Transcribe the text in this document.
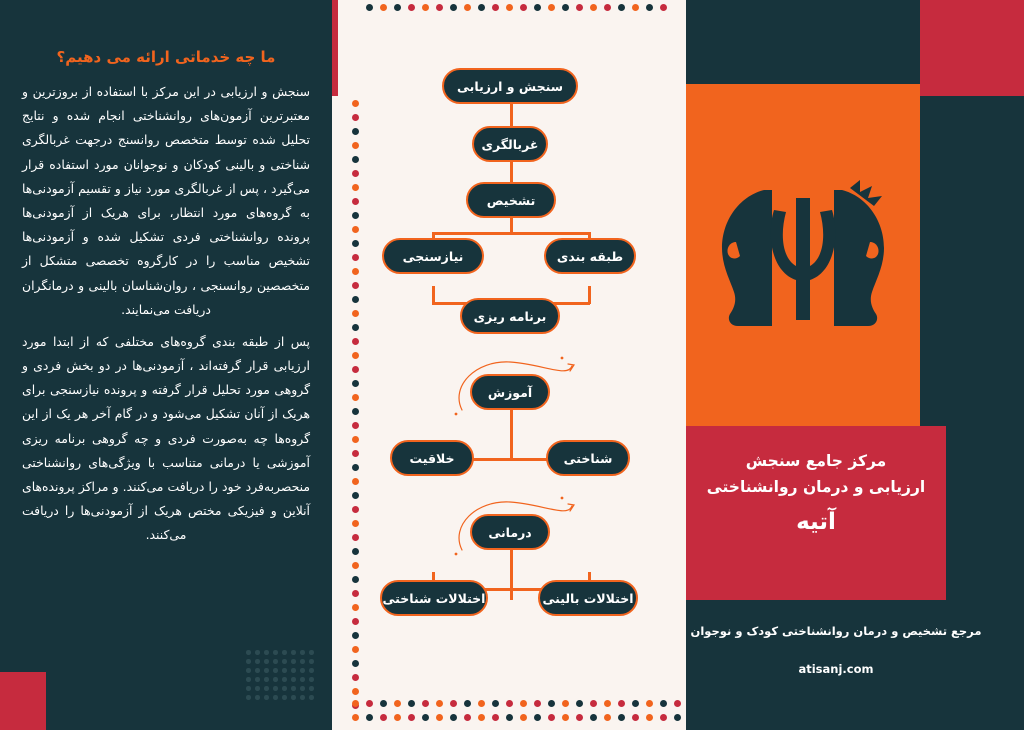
ما چه خدماتی ارائه می دهیم؟

سنجش و ارزیابی در این مرکز با استفاده از بروزترین و معتبرترین آزمون‌های روانشناختی انجام شده و نتایج تحلیل شده توسط متخصص روانسنج درجهت غربالگری شناختی و بالینی کودکان و نوجوانان مورد استفاده قرار می‌گیرد ، پس از غربالگری مورد نیاز و تقسیم آزمودنی‌ها به گروه‌های مورد انتظار، برای هریک از آزمودنی‌ها پرونده روانشناختی فردی تشکیل شده و آزمودنی‌ها تشخیص مناسب را در کارگروه تخصصی متشکل از متخصصین روانسنجی ، روان‌شناسان بالینی و درمانگران دریافت می‌نمایند.

پس از طبقه بندی گروه‌های مختلفی که از ابتدا مورد ارزیابی قرار گرفته‌اند ، آزمودنی‌ها در دو بخش فردی و گروهی مورد تحلیل قرار گرفته و پرونده نیازسنجی برای هریک از آنان تشکیل می‌شود و در گام آخر هر یک از این گروه‌ها چه به‌صورت فردی و چه گروهی برنامه ریزی آموزشی یا درمانی متناسب با ویژگی‌های روانشناختی منحصربه‌فرد خود را دریافت می‌کنند. و مراکز پرونده‌های آنلاین و فیزیکی مختص هر‌یک از آزمودنی‌ها را دریافت می‌کنند.

سنجش و ارزیابی
غربالگری
تشخیص
طبقه بندی
نیازسنجی
برنامه ریزی
آموزش
شناختی
خلاقیت
درمانی
اختلالات بالینی
اختلالات شناختی
مرکز جامع سنجش
ارزیابی و درمان روانشناختی
آتیه
مرجع تشخیص و درمان روانشناختی کودک و نوجوان
atisanj.com
